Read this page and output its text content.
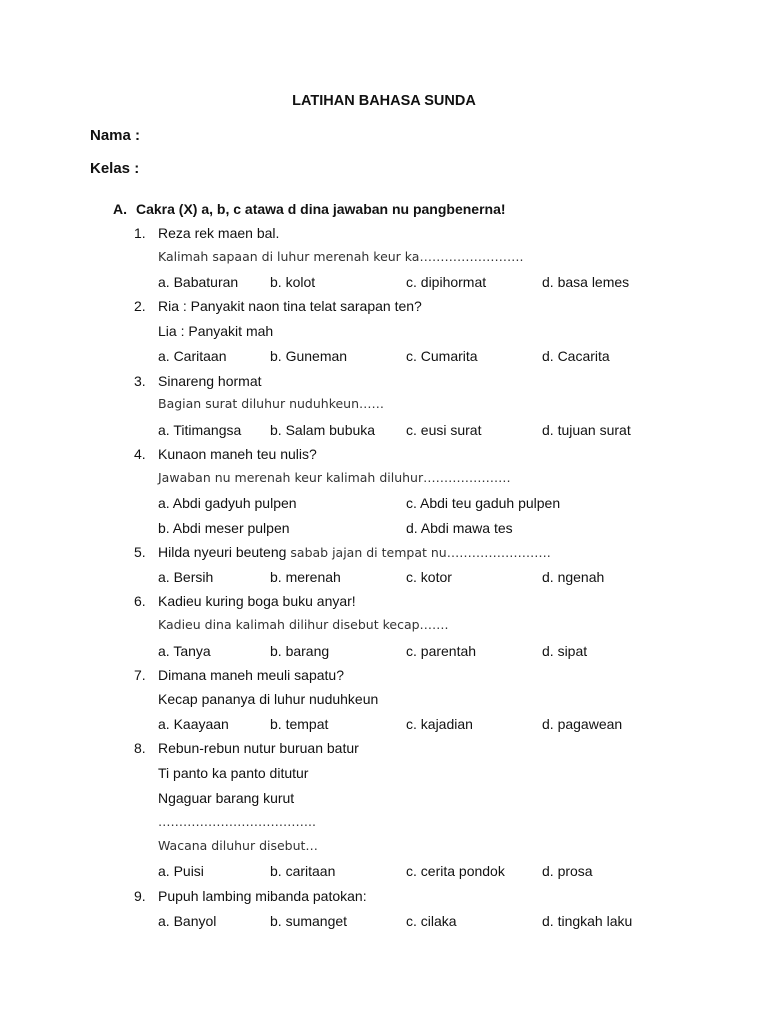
LATIHAN BAHASA SUNDA
Nama :
Kelas :
A. Cakra (X) a, b, c atawa d dina jawaban nu pangbenerna!
1. Reza rek maen bal.
Kalimah sapaan di luhur merenah keur ka…………………….
a. Babaturan b. kolot	c. dipihormat	d. basa lemes
2. Ria : Panyakit naon tina telat sarapan ten?
Lia : Panyakit mah
a. Caritaan	b. Guneman	c. Cumarita	d. Cacarita
3. Sinareng hormat
Bagian surat diluhur nuduhkeun……
a. Titimangsa b. Salam bubuka c. eusi surat	d. tujuan surat
4. Kunaon maneh teu nulis?
Jawaban nu merenah keur kalimah diluhur…………………
a. Abdi gadyuh pulpen	c. Abdi teu gaduh pulpen
b. Abdi meser pulpen	d. Abdi mawa tes
5. Hilda nyeuri beuteng sabab jajan di tempat nu…………………….
a. Bersih	b. merenah	c. kotor	d. ngenah
6. Kadieu kuring boga buku anyar!
Kadieu dina kalimah dilihur disebut kecap…….
a. Tanya	b. barang	c. parentah	d. sipat
7. Dimana maneh meuli sapatu?
Kecap pananya di luhur nuduhkeun
a. Kaayaan	b. tempat	c. kajadian	d. pagawean
8. Rebun-rebun nutur buruan batur
Ti panto ka panto ditutur
Ngaguar barang kurut
………………………………..
Wacana diluhur disebut…
a. Puisi	b. caritaan	c. cerita pondok	d. prosa
9. Pupuh lambing mibanda patokan:
a. Banyol	b. sumanget	c. cilaka	d. tingkah laku
